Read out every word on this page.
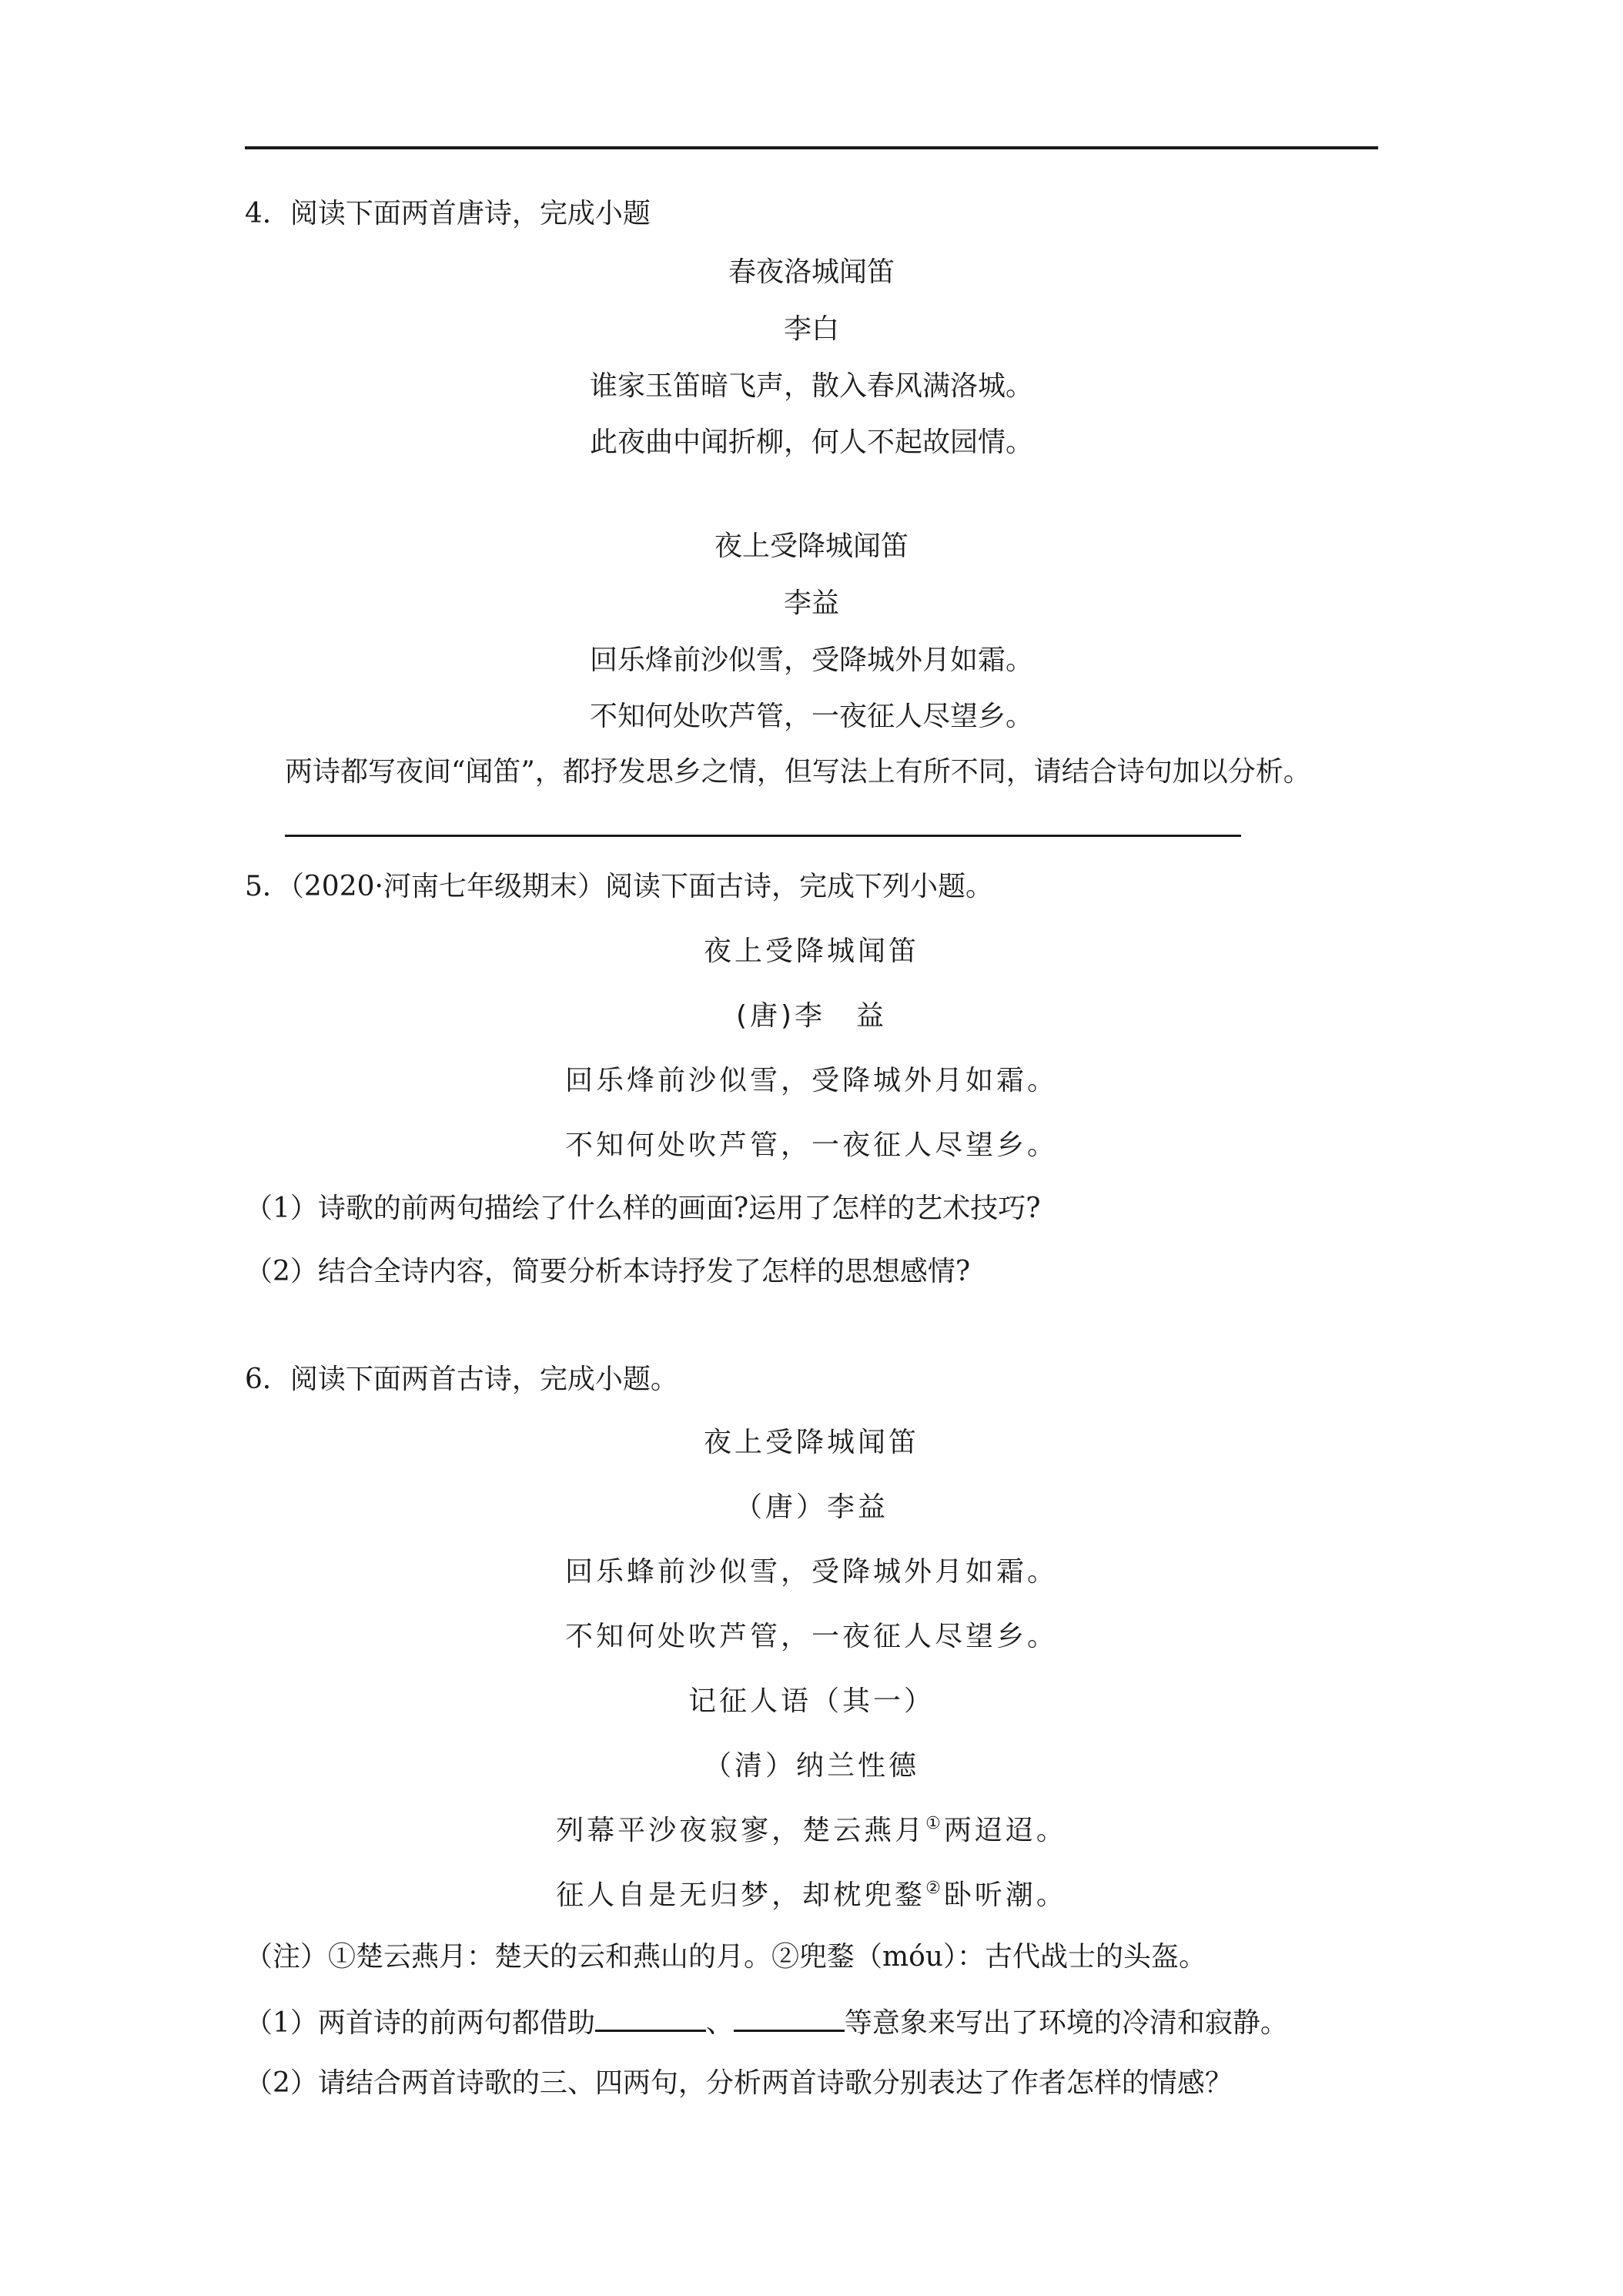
4．阅读下面两首唐诗，完成小题
春夜洛城闻笛
李白
谁家玉笛暗飞声，散入春风满洛城。
此夜曲中闻折柳，何人不起故园情。
夜上受降城闻笛
李益
回乐烽前沙似雪，受降城外月如霜。
不知何处吹芦管，一夜征人尽望乡。
两诗都写夜间“闻笛”，都抒发思乡之情，但写法上有所不同，请结合诗句加以分析。
5．（2020·河南七年级期末）阅读下面古诗，完成下列小题。
夜上受降城闻笛
(唐)李　益
回乐烽前沙似雪，受降城外月如霜。
不知何处吹芦管，一夜征人尽望乡。
（1）诗歌的前两句描绘了什么样的画面?运用了怎样的艺术技巧?
（2）结合全诗内容，简要分析本诗抒发了怎样的思想感情?
6．阅读下面两首古诗，完成小题。
夜上受降城闻笛
（唐）李益
回乐蜂前沙似雪，受降城外月如霜。
不知何处吹芦管，一夜征人尽望乡。
记征人语（其一）
（清）纳兰性德
列幕平沙夜寂寥，楚云燕月①两迢迢。
征人自是无归梦，却枕兜鍪②卧听潮。
（注）①楚云燕月：楚天的云和燕山的月。②兜鍪（móu）：古代战士的头盔。
（1）两首诗的前两句都借助	、	等意象来写出了环境的冷清和寂静。
（2）请结合两首诗歌的三、四两句，分析两首诗歌分别表达了作者怎样的情感？
